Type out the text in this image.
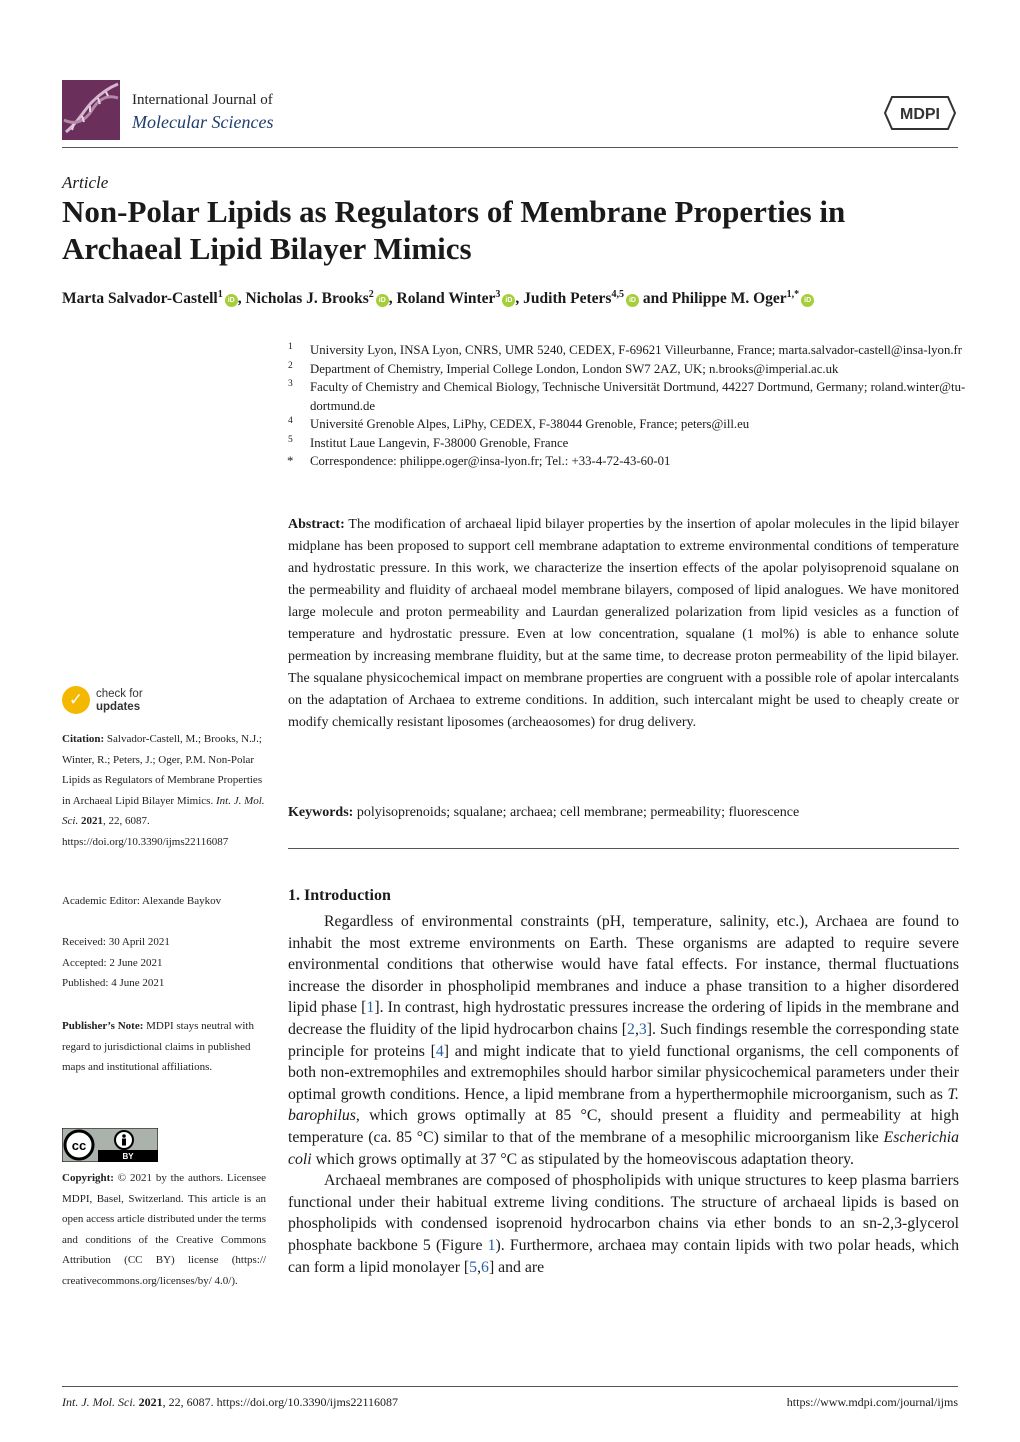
International Journal of
Molecular Sciences	MDPI
Article
Non-Polar Lipids as Regulators of Membrane Properties in Archaeal Lipid Bilayer Mimics
Marta Salvador-Castell$^1$iD , Nicholas J. Brooks$^2$iD , Roland Winter$^3$iD , Judith Peters$^{4,5}$iD and Philippe M. Oger$^{1,*}$iD
1 University Lyon, INSA Lyon, CNRS, UMR 5240, CEDEX, F-69621 Villeurbanne, France; marta.salvador-castell@insa-lyon.fr
2 Department of Chemistry, Imperial College London, London SW7 2AZ, UK; n.brooks@imperial.ac.uk
3 Faculty of Chemistry and Chemical Biology, Technische Universität Dortmund, 44227 Dortmund, Germany; roland.winter@tu-dortmund.de
4 Université Grenoble Alpes, LiPhy, CEDEX, F-38044 Grenoble, France; peters@ill.eu
5 Institut Laue Langevin, F-38000 Grenoble, France
* Correspondence: philippe.oger@insa-lyon.fr; Tel.: +33-4-72-43-60-01
Abstract: The modification of archaeal lipid bilayer properties by the insertion of apolar molecules in the lipid bilayer midplane has been proposed to support cell membrane adaptation to extreme environmental conditions of temperature and hydrostatic pressure. In this work, we characterize the insertion effects of the apolar polyisoprenoid squalane on the permeability and fluidity of archaeal model membrane bilayers, composed of lipid analogues. We have monitored large molecule and proton permeability and Laurdan generalized polarization from lipid vesicles as a function of temperature and hydrostatic pressure. Even at low concentration, squalane (1 mol%) is able to enhance solute permeation by increasing membrane fluidity, but at the same time, to decrease proton permeability of the lipid bilayer. The squalane physicochemical impact on membrane properties are congruent with a possible role of apolar intercalants on the adaptation of Archaea to extreme conditions. In addition, such intercalant might be used to cheaply create or modify chemically resistant liposomes (archeaosomes) for drug delivery.
Keywords: polyisoprenoids; squalane; archaea; cell membrane; permeability; fluorescence
✓	check for
updates
Citation: Salvador-Castell, M.; Brooks, N.J.; Winter, R.; Peters, J.; Oger, P.M. Non-Polar Lipids as Regulators of Membrane Properties in Archaeal Lipid Bilayer Mimics. Int. J. Mol. Sci. 2021, 22, 6087. https://doi.org/10.3390/ijms22116087
Academic Editor: Alexande Baykov
Received: 30 April 2021
Accepted: 2 June 2021
Published: 4 June 2021
Publisher’s Note: MDPI stays neutral with regard to jurisdictional claims in published maps and institutional affiliations.
cc
BY
Copyright: © 2021 by the authors. Licensee MDPI, Basel, Switzerland. This article is an open access article distributed under the terms and conditions of the Creative Commons Attribution (CC BY) license (https:// creativecommons.org/licenses/by/ 4.0/).
1. Introduction

Regardless of environmental constraints (pH, temperature, salinity, etc.), Archaea are found to inhabit the most extreme environments on Earth. These organisms are adapted to require severe environmental conditions that otherwise would have fatal effects. For instance, thermal fluctuations increase the disorder in phospholipid membranes and induce a phase transition to a higher disordered lipid phase [1]. In contrast, high hydrostatic pressures increase the ordering of lipids in the membrane and decrease the fluidity of the lipid hydrocarbon chains [2,3]. Such findings resemble the corresponding state principle for proteins [4] and might indicate that to yield functional organisms, the cell components of both non-extremophiles and extremophiles should harbor similar physicochemical parameters under their optimal growth conditions. Hence, a lipid membrane from a hyperthermophile microorganism, such as T. barophilus, which grows optimally at 85 °C, should present a fluidity and permeability at high temperature (ca. 85 °C) similar to that of the membrane of a mesophilic microorganism like Escherichia coli which grows optimally at 37 °C as stipulated by the homeoviscous adaptation theory.

Archaeal membranes are composed of phospholipids with unique structures to keep plasma barriers functional under their habitual extreme living conditions. The structure of archaeal lipids is based on phospholipids with condensed isoprenoid hydrocarbon chains via ether bonds to an sn-2,3-glycerol phosphate backbone 5 (Figure 1). Furthermore, archaea may contain lipids with two polar heads, which can form a lipid monolayer [5,6] and are

Int. J. Mol. Sci. 2021, 22, 6087. https://doi.org/10.3390/ijms22116087	https://www.mdpi.com/journal/ijms
